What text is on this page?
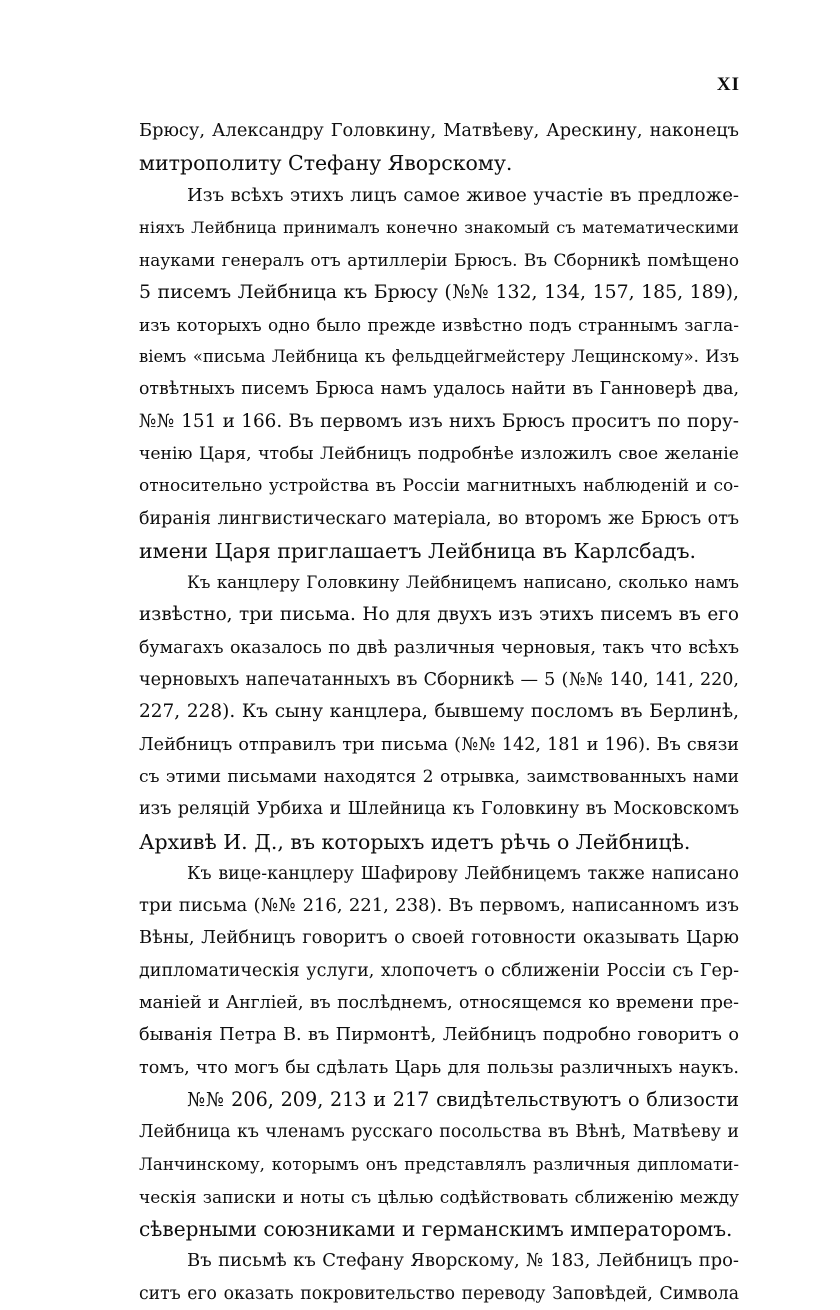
XI
Брюсу, Александру Головкину, Матвѣеву, Арескину, наконецъ
митрополиту Стефану Яворскому.
Изъ всѣхъ этихъ лицъ самое живое участіе въ предложе-
ніяхъ Лейбница принималъ конечно знакомый съ математическими
науками генералъ отъ артиллеріи Брюсъ. Въ Сборникѣ помѣщено
5 писемъ Лейбница къ Брюсу (№№ 132, 134, 157, 185, 189),
изъ которыхъ одно было прежде извѣстно подъ страннымъ загла-
віемъ «письма Лейбница къ фельдцейгмейстеру Лещинскому». Изъ
отвѣтныхъ писемъ Брюса намъ удалось найти въ Ганноверѣ два,
№№ 151 и 166. Въ первомъ изъ нихъ Брюсъ проситъ по пору-
ченію Царя, чтобы Лейбницъ подробнѣе изложилъ свое желаніе
относительно устройства въ Россіи магнитныхъ наблюденій и со-
биранія лингвистическаго матеріала, во второмъ же Брюсъ отъ
имени Царя приглашаетъ Лейбница въ Карлсбадъ.
Къ канцлеру Головкину Лейбницемъ написано, сколько намъ
извѣстно, три письма. Но для двухъ изъ этихъ писемъ въ его
бумагахъ оказалось по двѣ различныя черновыя, такъ что всѣхъ
черновыхъ напечатанныхъ въ Сборникѣ — 5 (№№ 140, 141, 220,
227, 228). Къ сыну канцлера, бывшему посломъ въ Берлинѣ,
Лейбницъ отправилъ три письма (№№ 142, 181 и 196). Въ связи
съ этими письмами находятся 2 отрывка, заимствованныхъ нами
изъ реляцій Урбиха и Шлейница къ Головкину въ Московскомъ
Архивѣ И. Д., въ которыхъ идетъ рѣчь о Лейбницѣ.
Къ вице-канцлеру Шафирову Лейбницемъ также написано
три письма (№№ 216, 221, 238). Въ первомъ, написанномъ изъ
Вѣны, Лейбницъ говоритъ о своей готовности оказывать Царю
дипломатическія услуги, хлопочетъ о сближеніи Россіи съ Гер-
маніей и Англіей, въ послѣднемъ, относящемся ко времени пре-
быванія Петра В. въ Пирмонтѣ, Лейбницъ подробно говоритъ о
томъ, что могъ бы сдѣлать Царь для пользы различныхъ наукъ.
№№ 206, 209, 213 и 217 свидѣтельствуютъ о близости
Лейбница къ членамъ русскаго посольства въ Вѣнѣ, Матвѣеву и
Ланчинскому, которымъ онъ представлялъ различныя дипломати-
ческія записки и ноты съ цѣлью содѣйствовать сближенію между
сѣверными союзниками и германскимъ императоромъ.
Въ письмѣ къ Стефану Яворскому, № 183, Лейбницъ про-
ситъ его оказать покровительство переводу Заповѣдей, Символа
